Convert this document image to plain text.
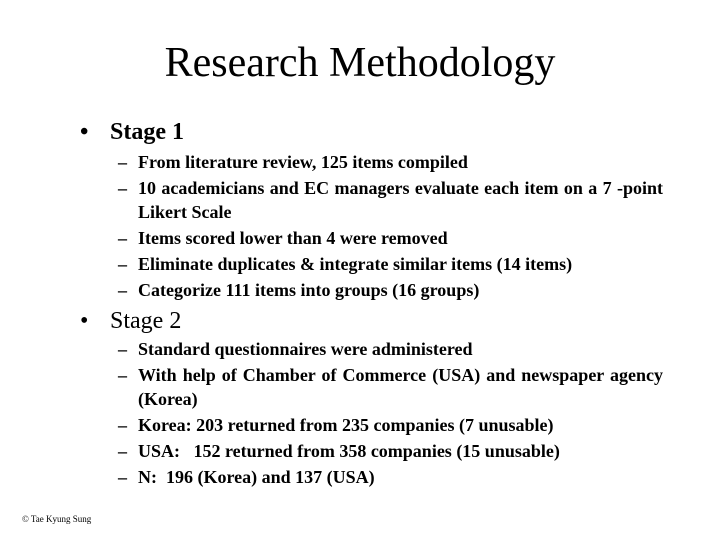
Research Methodology
• Stage 1
– From literature review, 125 items compiled
– 10 academicians and EC managers evaluate each item on a 7 -point Likert Scale
– Items scored lower than 4 were removed
– Eliminate duplicates & integrate similar items (14 items)
– Categorize 111 items into groups (16 groups)
• Stage 2
– Standard questionnaires were administered
– With help of Chamber of Commerce (USA) and newspaper agency (Korea)
– Korea: 203 returned from 235 companies (7 unusable)
– USA:   152 returned from 358 companies (15 unusable)
– N:  196 (Korea) and 137 (USA)
© Tae Kyung Sung
